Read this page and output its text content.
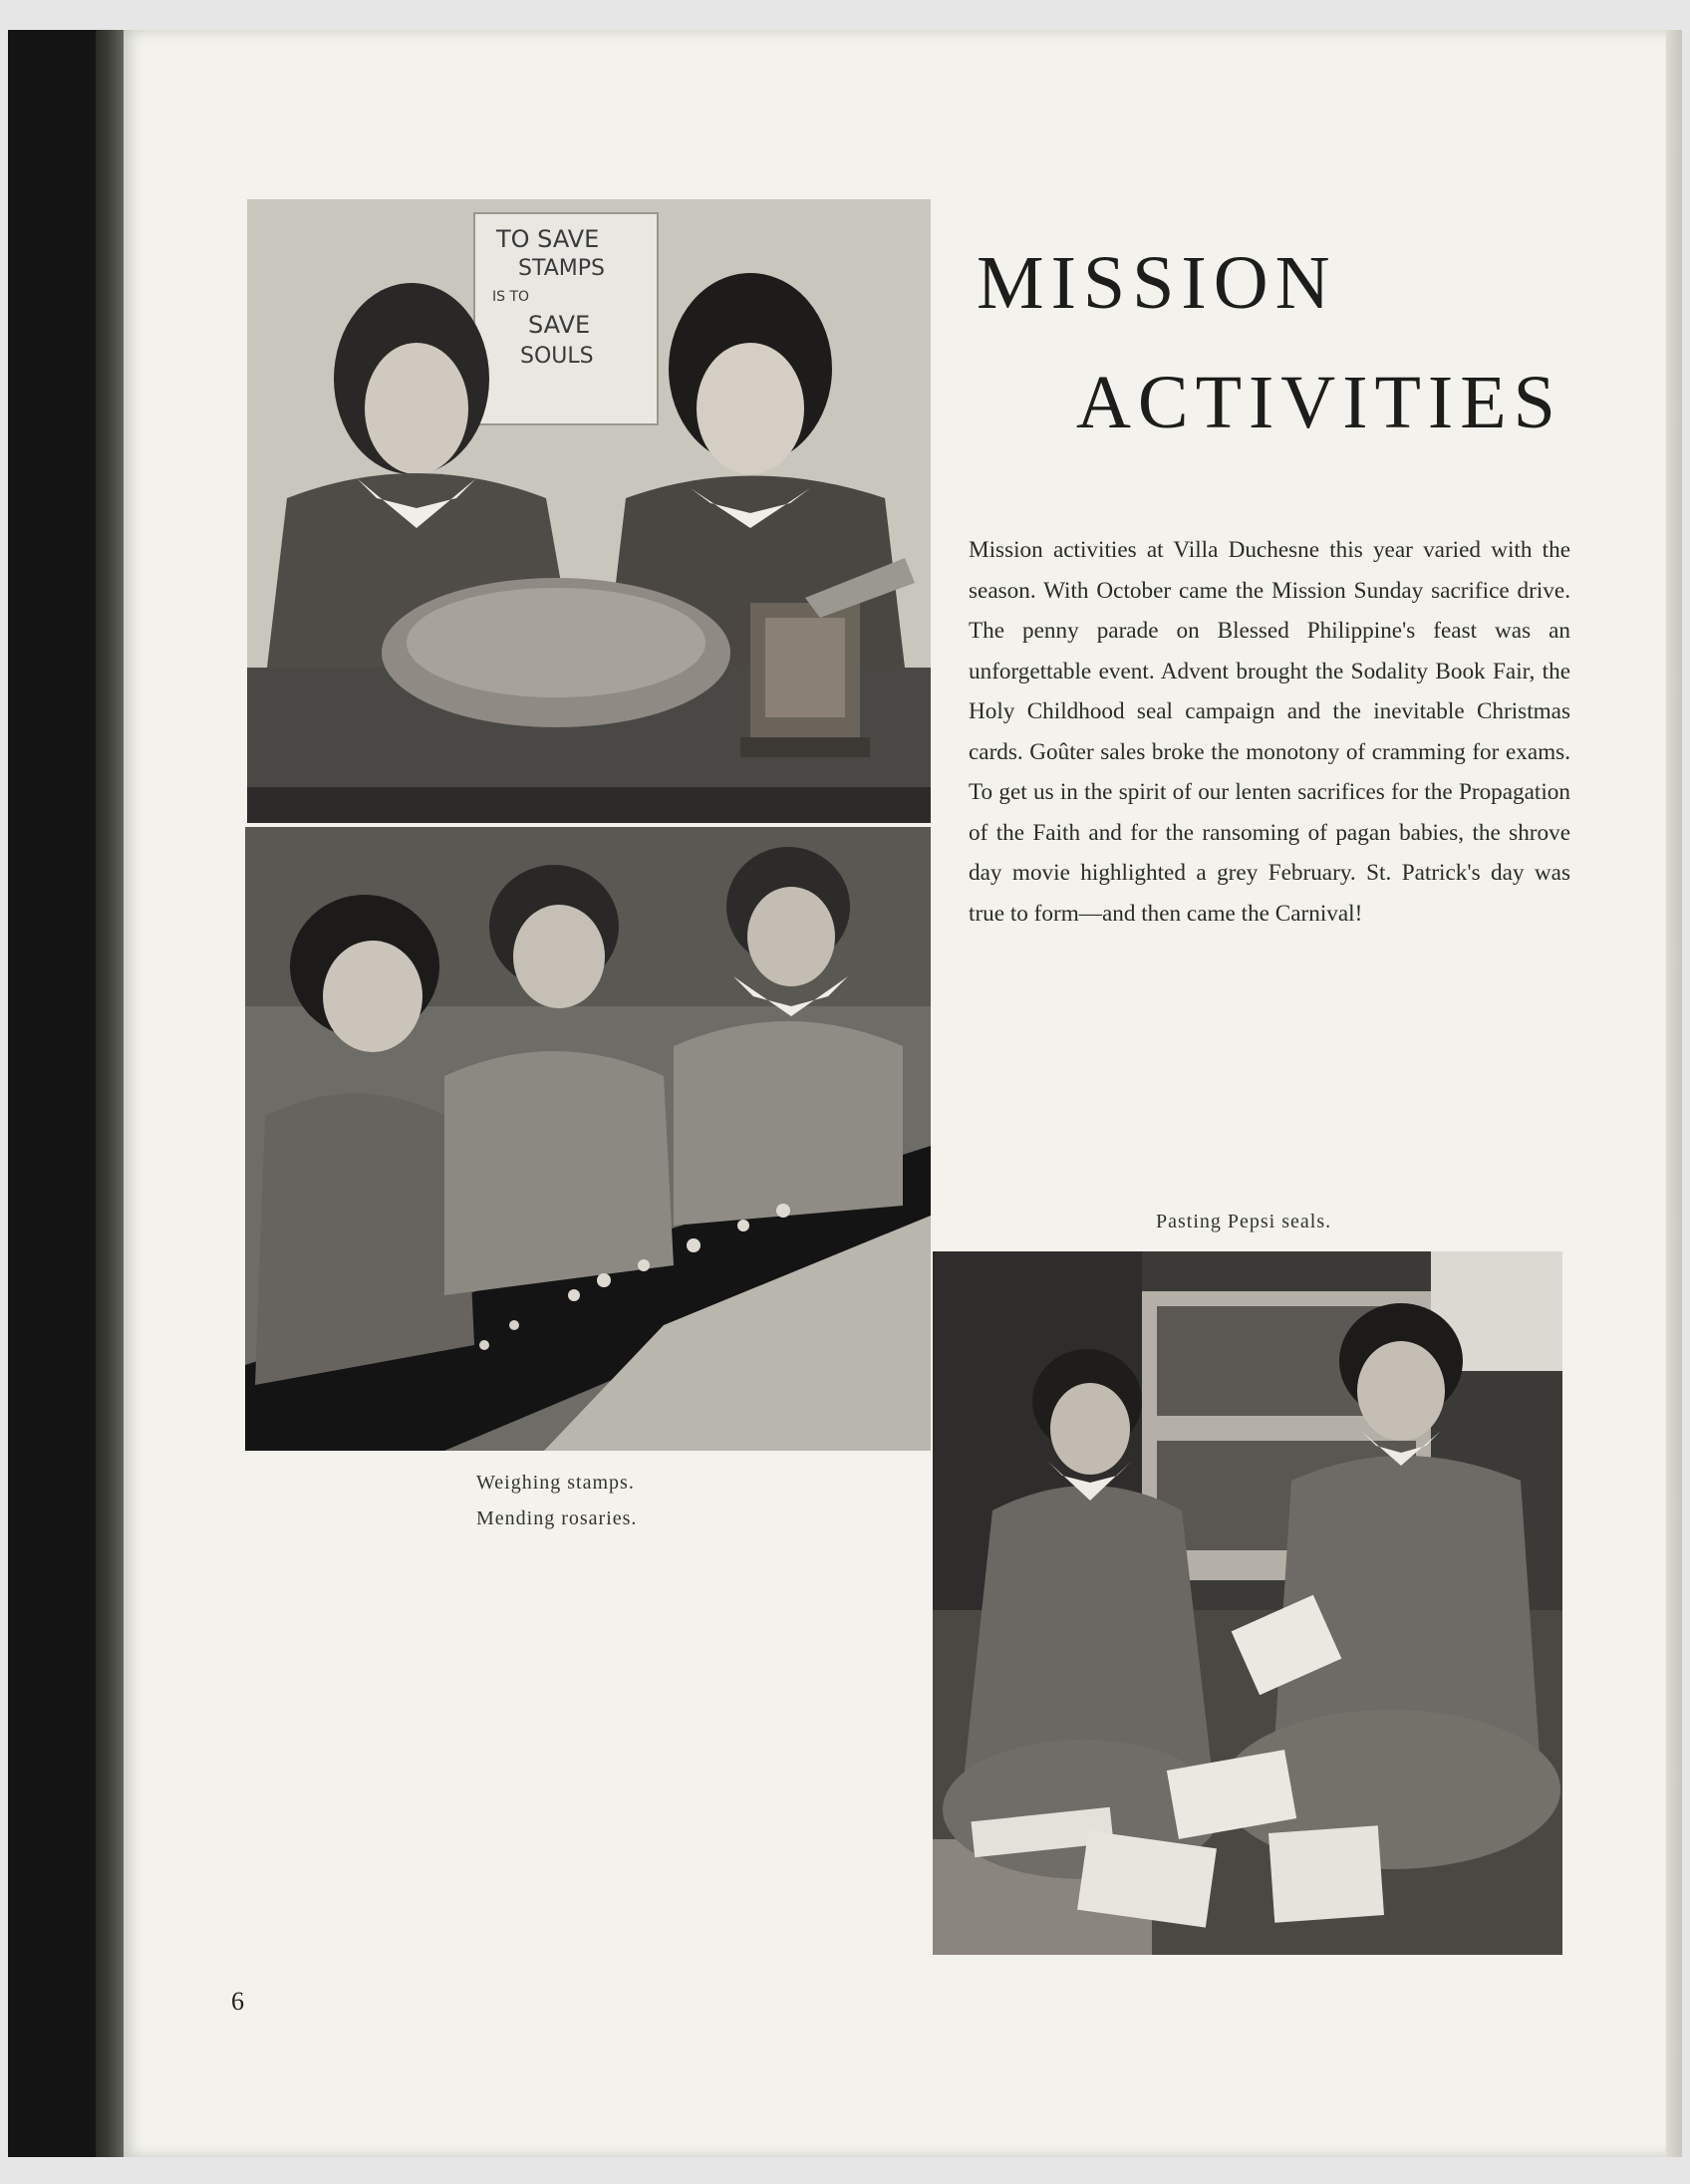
TO SAVE
STAMPS
IS TO
SAVE
SOULS
MISSION
ACTIVITIES

Mission activities at Villa Duchesne this year varied with the season. With October came the Mission Sunday sacrifice drive. The penny parade on Blessed Philippine's feast was an unforgettable event. Advent brought the Sodality Book Fair, the Holy Childhood seal campaign and the inevitable Christmas cards. Goûter sales broke the monotony of cramming for exams. To get us in the spirit of our lenten sacrifices for the Propagation of the Faith and for the ransoming of pagan babies, the shrove day movie highlighted a grey February. St. Patrick's day was true to form—and then came the Carnival!

Pasting Pepsi seals.

Weighing stamps.
Mending rosaries.

6
